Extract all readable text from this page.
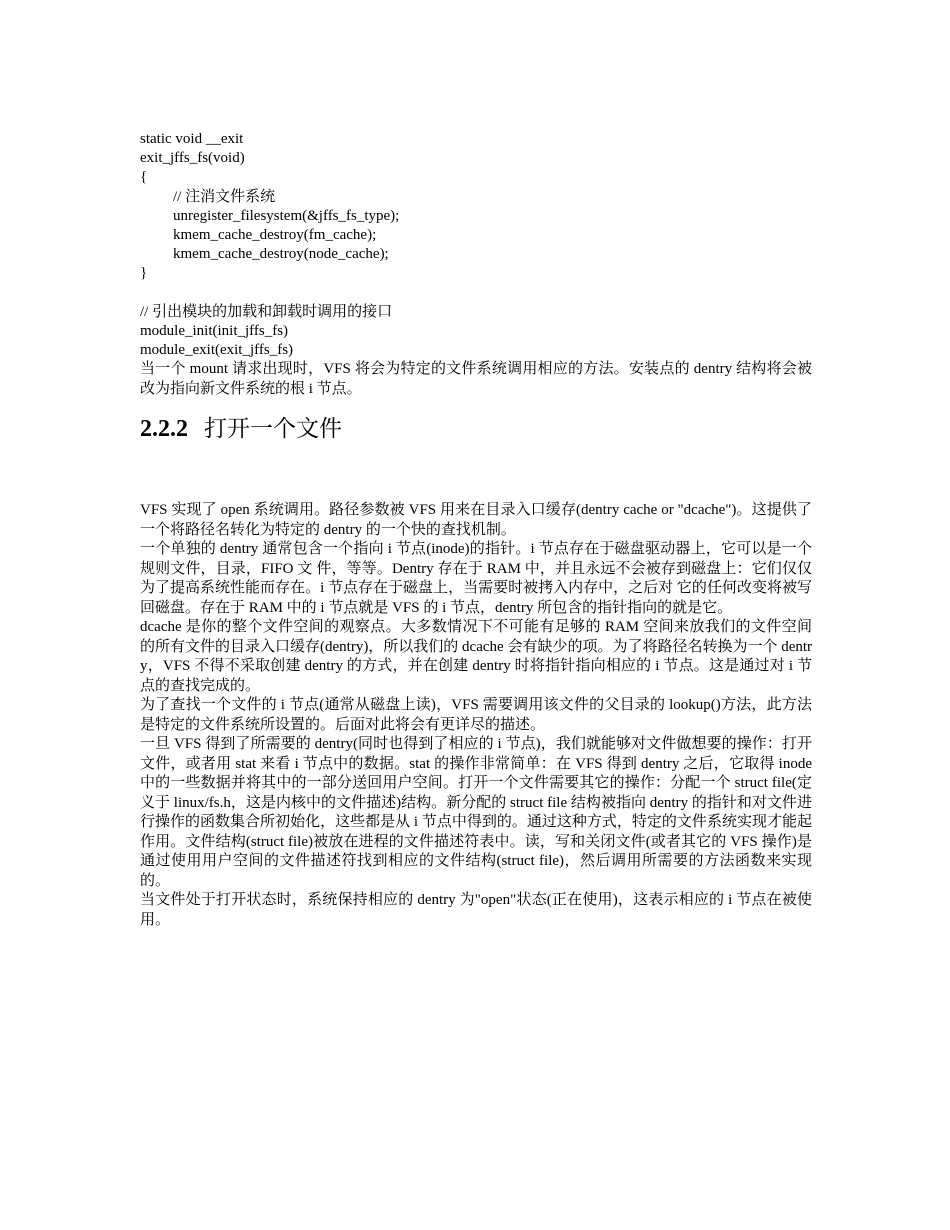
static void __exit
exit_jffs_fs(void)
{
// 注消文件系统
unregister_filesystem(&jffs_fs_type);
kmem_cache_destroy(fm_cache);
kmem_cache_destroy(node_cache);
}
// 引出模块的加载和卸载时调用的接口
module_init(init_jffs_fs)
module_exit(exit_jffs_fs)

当一个 mount 请求出现时，VFS 将会为特定的文件系统调用相应的方法。安装点的 dentry 结构将会被改为指向新文件系统的根 i 节点。

2.2.2 打开一个文件

VFS 实现了 open 系统调用。路径参数被 VFS 用来在目录入口缓存(dentry cache or "dcache")。这提供了一个将路径名转化为特定的 dentry 的一个快的查找机制。

一个单独的 dentry 通常包含一个指向 i 节点(inode)的指针。i 节点存在于磁盘驱动器上，它可以是一个规则文件，目录，FIFO 文 件，等等。Dentry 存在于 RAM 中，并且永远不会被存到磁盘上：它们仅仅为了提高系统性能而存在。i 节点存在于磁盘上，当需要时被拷入内存中，之后对 它的任何改变将被写回磁盘。存在于 RAM 中的 i 节点就是 VFS 的 i 节点，dentry 所包含的指针指向的就是它。

dcache 是你的整个文件空间的观察点。大多数情况下不可能有足够的 RAM 空间来放我们的文件空间的所有文件的目录入口缓存(dentry)，所以我们的 dcache 会有缺少的项。为了将路径名转换为一个 dentry，VFS 不得不采取创建 dentry 的方式，并在创建 dentry 时将指针指向相应的 i 节点。这是通过对 i 节点的查找完成的。

为了查找一个文件的 i 节点(通常从磁盘上读)，VFS 需要调用该文件的父目录的 lookup()方法，此方法是特定的文件系统所设置的。后面对此将会有更详尽的描述。

一旦 VFS 得到了所需要的 dentry(同时也得到了相应的 i 节点)，我们就能够对文件做想要的操作：打开文件，或者用 stat 来看 i 节点中的数据。stat 的操作非常简单：在 VFS 得到 dentry 之后，它取得 inode 中的一些数据并将其中的一部分送回用户空间。打开一个文件需要其它的操作：分配一个 struct file(定义于 linux/fs.h，这是内核中的文件描述)结构。新分配的 struct file 结构被指向 dentry 的指针和对文件进行操作的函数集合所初始化，这些都是从 i 节点中得到的。通过这种方式，特定的文件系统实现才能起作用。文件结构(struct file)被放在进程的文件描述符表中。读，写和关闭文件(或者其它的 VFS 操作)是通过使用用户空间的文件描述符找到相应的文件结构(struct file)，然后调用所需要的方法函数来实现的。

当文件处于打开状态时，系统保持相应的 dentry 为"open"状态(正在使用)，这表示相应的 i 节点在被使用。
